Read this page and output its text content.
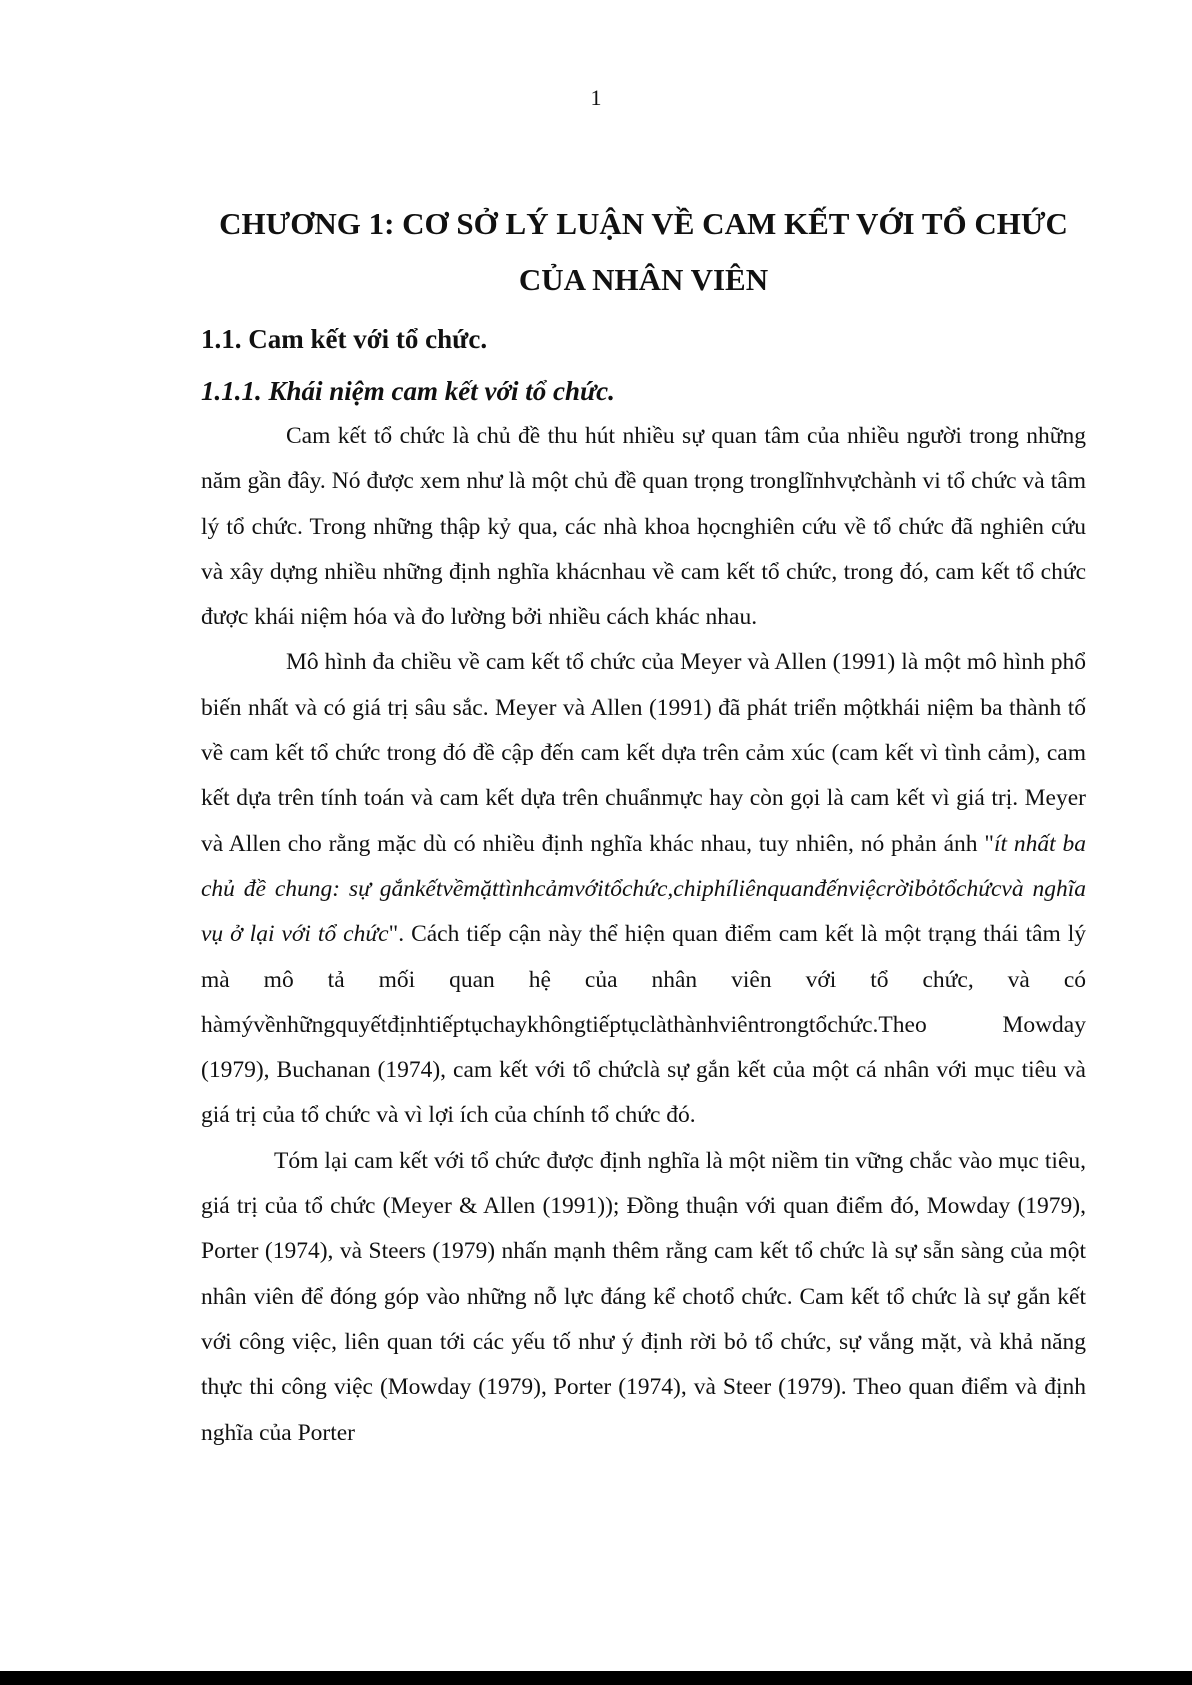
1
CHƯƠNG 1: CƠ SỞ LÝ LUẬN VỀ CAM KẾT VỚI TỔ CHỨC
CỦA NHÂN VIÊN
1.1. Cam kết với tổ chức.
1.1.1. Khái niệm cam kết với tổ chức.

Cam kết tổ chức là chủ đề thu hút nhiều sự quan tâm của nhiều người trong những năm gần đây. Nó được xem như là một chủ đề quan trọng tronglĩnhvựchành vi tổ chức và tâm lý tổ chức. Trong những thập kỷ qua, các nhà khoa họcnghiên cứu về tổ chức đã nghiên cứu và xây dựng nhiều những định nghĩa khácnhau về cam kết tổ chức, trong đó, cam kết tổ chức được khái niệm hóa và đo lường bởi nhiều cách khác nhau.

Mô hình đa chiều về cam kết tổ chức của Meyer và Allen (1991) là một mô hình phổ biến nhất và có giá trị sâu sắc. Meyer và Allen (1991) đã phát triển mộtkhái niệm ba thành tố về cam kết tổ chức trong đó đề cập đến cam kết dựa trên cảm xúc (cam kết vì tình cảm), cam kết dựa trên tính toán và cam kết dựa trên chuẩnmực hay còn gọi là cam kết vì giá trị. Meyer và Allen cho rằng mặc dù có nhiều định nghĩa khác nhau, tuy nhiên, nó phản ánh "ít nhất ba chủ đề chung: sự gắnkếtvềmặttìnhcảmvớitổchức,chiphíliênquanđếnviệcrờibỏtổchứcvà nghĩa vụ ở lại với tổ chức". Cách tiếp cận này thể hiện quan điểm cam kết là một trạng thái tâm lý mà mô tả mối quan hệ của nhân viên với tổ chức, và có hàmývềnhữngquyếtđịnhtiếptụchaykhôngtiếptụclàthànhviêntrongtổchức.Theo Mowday (1979), Buchanan (1974), cam kết với tổ chứclà sự gắn kết của một cá nhân với mục tiêu và giá trị của tổ chức và vì lợi ích của chính tổ chức đó.

Tóm lại cam kết với tổ chức được định nghĩa là một niềm tin vững chắc vào mục tiêu, giá trị của tổ chức (Meyer & Allen (1991)); Đồng thuận với quan điểm đó, Mowday (1979), Porter (1974), và Steers (1979) nhấn mạnh thêm rằng cam kết tổ chức là sự sẵn sàng của một nhân viên để đóng góp vào những nỗ lực đáng kể chotổ chức. Cam kết tổ chức là sự gắn kết với công việc, liên quan tới các yếu tố như ý định rời bỏ tổ chức, sự vắng mặt, và khả năng thực thi công việc (Mowday (1979), Porter (1974), và Steer (1979). Theo quan điểm và định nghĩa của Porter
